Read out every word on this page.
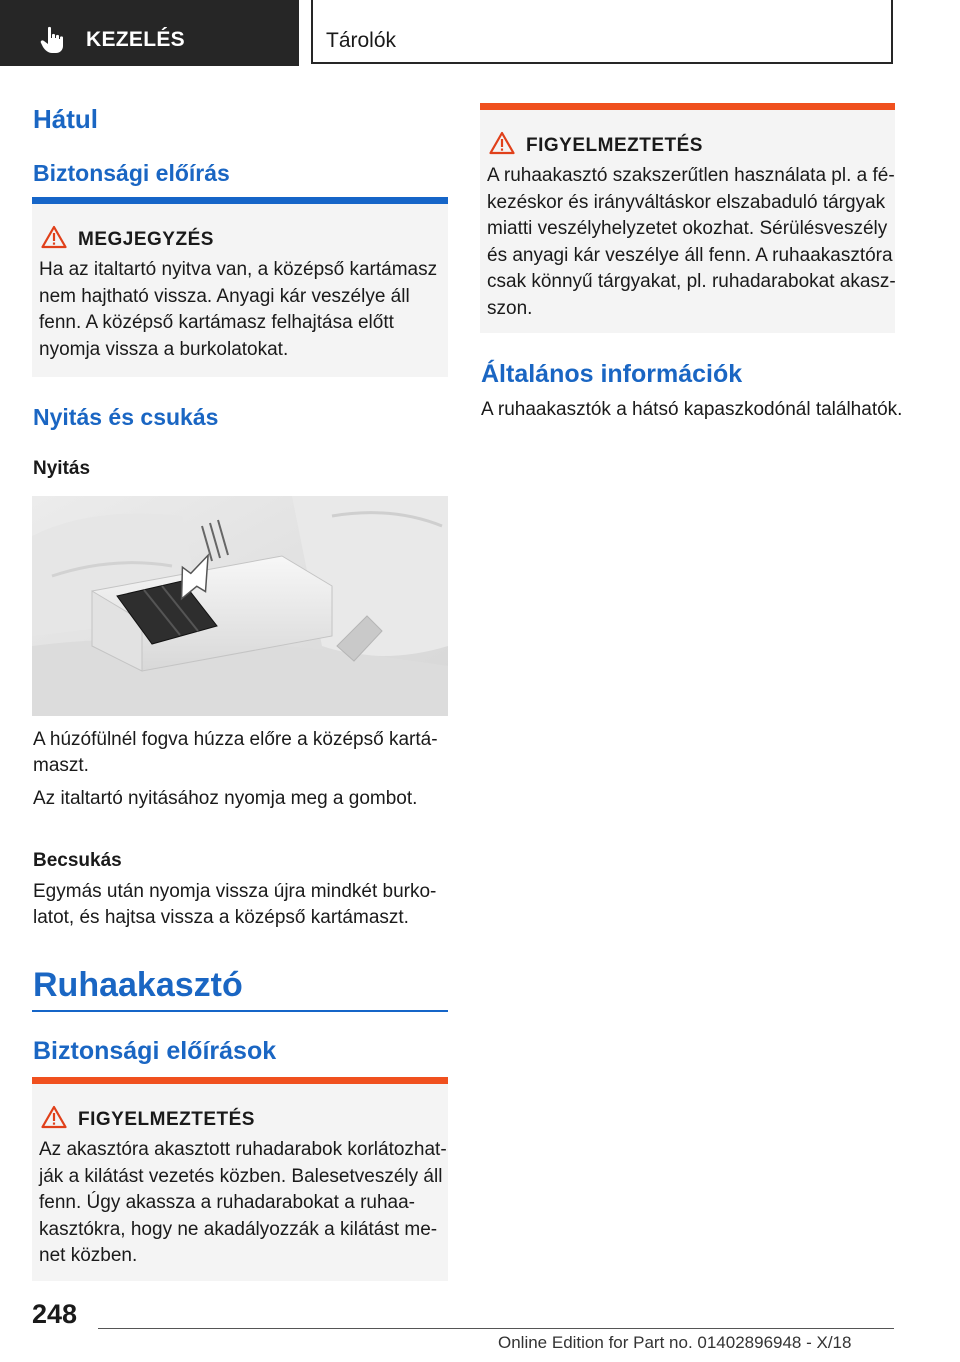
KEZELÉS	Tárolók
Hátul
Biztonsági előírás
MEGJEGYZÉS
Ha az italtartó nyitva van, a középső kartámasz
nem hajtható vissza. Anyagi kár veszélye áll
fenn. A középső kartámasz felhajtása előtt
nyomja vissza a burkolatokat.
Nyitás és csukás
Nyitás
A húzófülnél fogva húzza előre a középső kartá-
maszt.
Az italtartó nyitásához nyomja meg a gombot.
Becsukás
Egymás után nyomja vissza újra mindkét burko-
latot, és hajtsa vissza a középső kartámaszt.
Ruhaakasztó
Biztonsági előírások
FIGYELMEZTETÉS
Az akasztóra akasztott ruhadarabok korlátozhat-
ják a kilátást vezetés közben. Balesetveszély áll
fenn. Úgy akassza a ruhadarabokat a ruhaa-
kasztókra, hogy ne akadályozzák a kilátást me-
net közben.
FIGYELMEZTETÉS
A ruhaakasztó szakszerűtlen használata pl. a fé-
kezéskor és irányváltáskor elszabaduló tárgyak
miatti veszélyhelyzetet okozhat. Sérülésveszély
és anyagi kár veszélye áll fenn. A ruhaakasztóra
csak könnyű tárgyakat, pl. ruhadarabokat akasz-
szon.
Általános információk
A ruhaakasztók a hátsó kapaszkodónál találhatók.
248
Online Edition for Part no. 01402896948 - X/18
